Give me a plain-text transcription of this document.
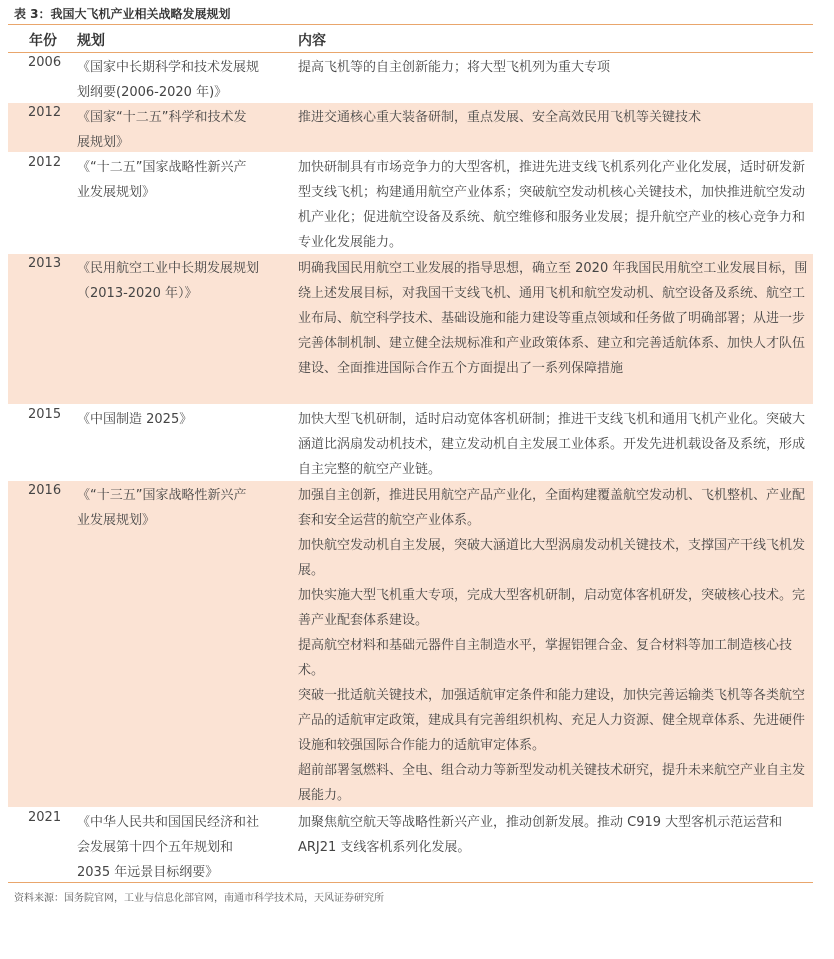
表 3：我国大飞机产业相关战略发展规划
年份 规划	内容
2006 《国家中长期科学和技术发展规
划纲要(2006-2020 年)》

提高飞机等的自主创新能力；将大型飞机列为重大专项

2012 《国家“十二五”科学和技术发
展规划》

推进交通核心重大装备研制，重点发展、安全高效民用飞机等关键技术

2012 《“十二五”国家战略性新兴产
业发展规划》

加快研制具有市场竞争力的大型客机，推进先进支线飞机系列化产业化发展，适时研发新型支线飞机；构建通用航空产业体系；突破航空发动机核心关键技术，加快推进航空发动机产业化；促进航空设备及系统、航空维修和服务业发展；提升航空产业的核心竞争力和专业化发展能力。

2013 《民用航空工业中长期发展规划
（2013-2020 年）》

明确我国民用航空工业发展的指导思想，确立至 2020 年我国民用航空工业发展目标，围绕上述发展目标，对我国干支线飞机、通用飞机和航空发动机、航空设备及系统、航空工业布局、航空科学技术、基础设施和能力建设等重点领域和任务做了明确部署；从进一步完善体制机制、建立健全法规标准和产业政策体系、建立和完善适航体系、加快人才队伍建设、全面推进国际合作五个方面提出了一系列保障措施

2015 《中国制造 2025》	加快大型飞机研制，适时启动宽体客机研制；推进干支线飞机和通用飞机产业化。突破大涵道比涡扇发动机技术，建立发动机自主发展工业体系。开发先进机载设备及系统，形成自主完整的航空产业链。

2016 《“十三五”国家战略性新兴产
业发展规划》

加强自主创新，推进民用航空产品产业化，全面构建覆盖航空发动机、飞机整机、产业配套和安全运营的航空产业体系。

加快航空发动机自主发展，突破大涵道比大型涡扇发动机关键技术，支撑国产干线飞机发展。

加快实施大型飞机重大专项，完成大型客机研制，启动宽体客机研发，突破核心技术。完善产业配套体系建设。

提高航空材料和基础元器件自主制造水平，掌握铝锂合金、复合材料等加工制造核心技术。

突破一批适航关键技术，加强适航审定条件和能力建设，加快完善运输类飞机等各类航空产品的适航审定政策，建成具有完善组织机构、充足人力资源、健全规章体系、先进硬件设施和较强国际合作能力的适航审定体系。

超前部署氢燃料、全电、组合动力等新型发动机关键技术研究，提升未来航空产业自主发展能力。

2021 《中华人民共和国国民经济和社
会发展第十四个五年规划和
2035 年远景目标纲要》

加聚焦航空航天等战略性新兴产业，推动创新发展。推动 C919 大型客机示范运营和 ARJ21 支线客机系列化发展。

资料来源：国务院官网，工业与信息化部官网，南通市科学技术局，天风证券研究所
